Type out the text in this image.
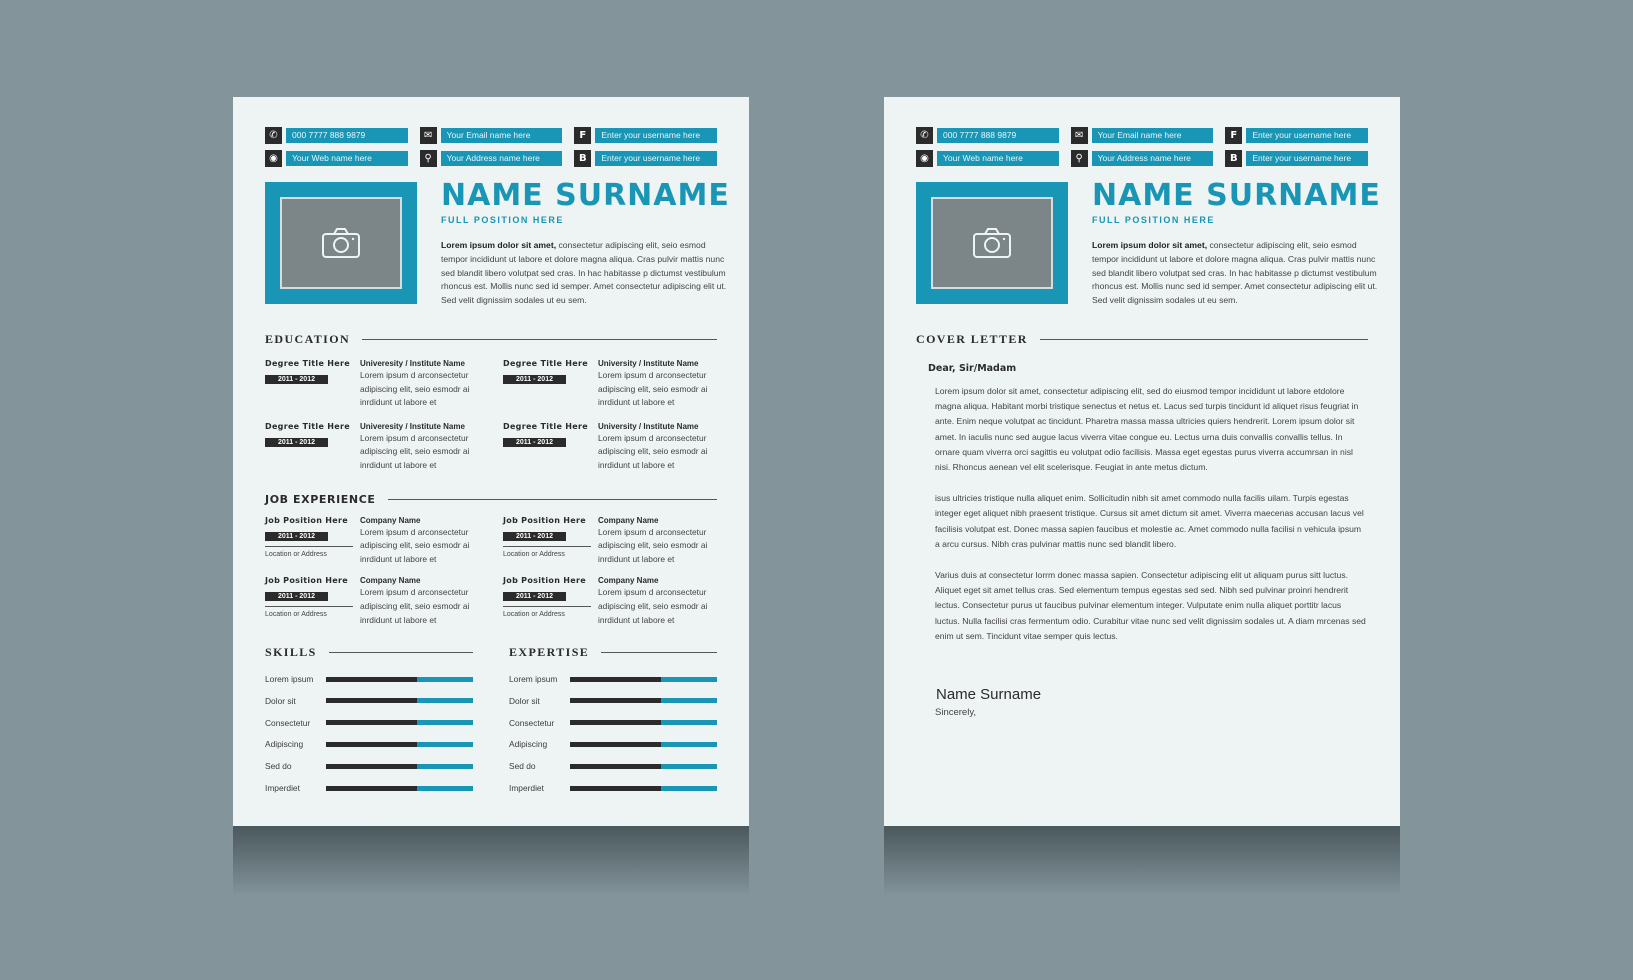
✆	000 7777 888 9879	✉	Your Email name here	F	Enter your username here
◉	Your Web name here	⚲	Your Address name here	B	Enter your username here
NAME SURNAME
FULL POSITION HERE
Lorem ipsum dolor sit amet, consectetur adipiscing elit, seio esmod tempor incididunt ut labore et dolore magna aliqua. Cras pulvir mattis nunc sed blandit libero volutpat sed cras. In hac habitasse p dictumst vestibulum rhoncus est. Mollis nunc sed id semper. Amet consectetur adipiscing elit ut. Sed velit dignissim sodales ut eu sem.
EDUCATION
Degree Title Here
2011 - 2012
Univeresity / Institute Name
Lorem ipsum d arconsectetur adipiscing elit, seio esmodr ai inrdidunt ut labore et
Degree Title Here
2011 - 2012
University / Institute Name
Lorem ipsum d arconsectetur adipiscing elit, seio esmodr ai inrdidunt ut labore et
Degree Title Here
2011 - 2012
Univeresity / Institute Name
Lorem ipsum d arconsectetur adipiscing elit, seio esmodr ai inrdidunt ut labore et
Degree Title Here
2011 - 2012
University / Institute Name
Lorem ipsum d arconsectetur adipiscing elit, seio esmodr ai inrdidunt ut labore et
JOB EXPERIENCE
Job Position Here
2011 - 2012
Location or Address
Company Name
Lorem ipsum d arconsectetur adipiscing elit, seio esmodr ai inrdidunt ut labore et
Job Position Here
2011 - 2012
Location or Address
Company Name
Lorem ipsum d arconsectetur adipiscing elit, seio esmodr ai inrdidunt ut labore et
Job Position Here
2011 - 2012
Location or Address
Company Name
Lorem ipsum d arconsectetur adipiscing elit, seio esmodr ai inrdidunt ut labore et
Job Position Here
2011 - 2012
Location or Address
Company Name
Lorem ipsum d arconsectetur adipiscing elit, seio esmodr ai inrdidunt ut labore et
SKILLS
Lorem ipsum
Dolor sit
Consectetur
Adipiscing
Sed do
Imperdiet
EXPERTISE
Lorem ipsum
Dolor sit
Consectetur
Adipiscing
Sed do
Imperdiet
✆	000 7777 888 9879	✉	Your Email name here	F	Enter your username here
◉	Your Web name here	⚲	Your Address name here	B	Enter your username here
NAME SURNAME
FULL POSITION HERE
Lorem ipsum dolor sit amet, consectetur adipiscing elit, seio esmod tempor incididunt ut labore et dolore magna aliqua. Cras pulvir mattis nunc sed blandit libero volutpat sed cras. In hac habitasse p dictumst vestibulum rhoncus est. Mollis nunc sed id semper. Amet consectetur adipiscing elit ut. Sed velit dignissim sodales ut eu sem.
COVER LETTER
Dear, Sir/Madam

Lorem ipsum dolor sit amet, consectetur adipiscing elit, sed do eiusmod tempor incididunt ut labore etdolore magna aliqua. Habitant morbi tristique senectus et netus et. Lacus sed turpis tincidunt id aliquet risus feugriat in ante. Enim neque volutpat ac tincidunt. Pharetra massa massa ultricies quiers hendrerit. Lorem ipsum dolor sit amet. In iaculis nunc sed augue lacus viverra vitae congue eu. Lectus urna duis convallis convallis tellus. In ornare quam viverra orci sagittis eu volutpat odio facilisis. Massa eget egestas purus viverra accumrsan in nisl nisi. Rhoncus aenean vel elit scelerisque. Feugiat in ante metus dictum.

isus ultricies tristique nulla aliquet enim. Sollicitudin nibh sit amet commodo nulla facilis uilam. Turpis egestas integer eget aliquet nibh praesent tristique. Cursus sit amet dictum sit amet. Viverra maecenas accusan lacus vel facilisis volutpat est. Donec massa sapien faucibus et molestie ac. Amet commodo nulla facilisi n vehicula ipsum a arcu cursus. Nibh cras pulvinar mattis nunc sed blandit libero.

Varius duis at consectetur lorrm donec massa sapien. Consectetur adipiscing elit ut aliquam purus sitt luctus. Aliquet eget sit amet tellus cras. Sed elementum tempus egestas sed sed. Nibh sed pulvinar proinri hendrerit lectus. Consectetur purus ut faucibus pulvinar elementum integer. Vulputate enim nulla aliquet porttitr lacus luctus. Nulla facilisi cras fermentum odio. Curabitur vitae nunc sed velit dignissim sodales ut. A diam mrcenas sed enim ut sem. Tincidunt vitae semper quis lectus.

Name Surname
Sincerely,
